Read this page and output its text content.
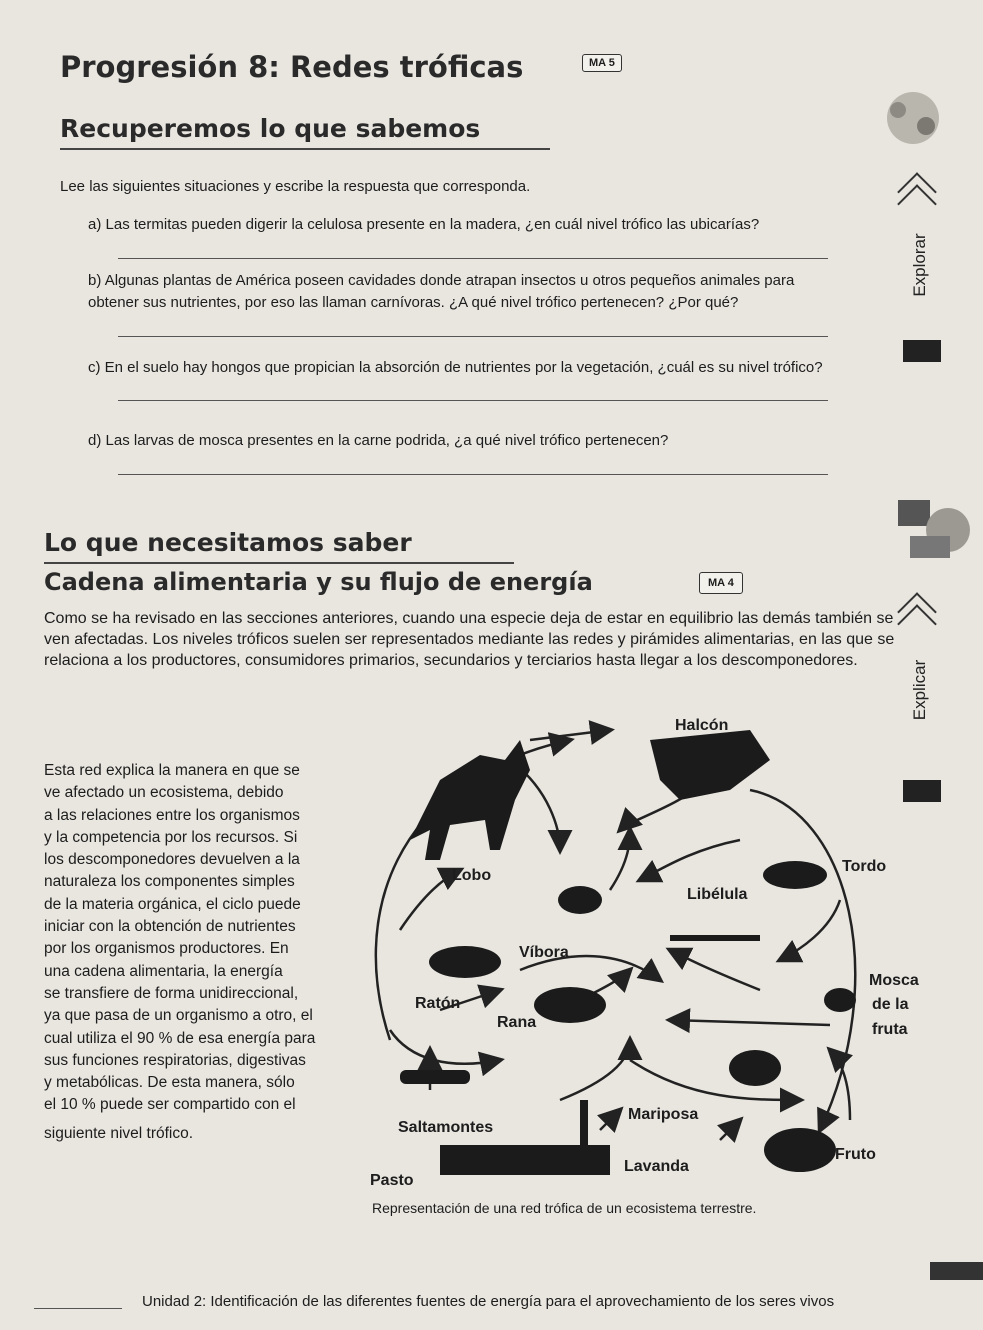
Progresión 8: Redes tróficas	MA 5
Recuperemos lo que sabemos
Lee las siguientes situaciones y escribe la respuesta que corresponda.
a) Las termitas pueden digerir la celulosa presente en la madera, ¿en cuál nivel trófico las ubicarías?
b) Algunas plantas de América poseen cavidades donde atrapan insectos u otros pequeños animales para obtener sus nutrientes, por eso las llaman carnívoras. ¿A qué nivel trófico pertenecen? ¿Por qué?
c) En el suelo hay hongos que propician la absorción de nutrientes por la vegetación, ¿cuál es su nivel trófico?
d) Las larvas de mosca presentes en la carne podrida, ¿a qué nivel trófico pertenecen?
Explorar
Lo que necesitamos saber
Cadena alimentaria y su flujo de energía	MA 4
Como se ha revisado en las secciones anteriores, cuando una especie deja de estar en equilibrio las demás también se ven afectadas. Los niveles tróficos suelen ser representados mediante las redes y pirámides alimentarias, en las que se relaciona a los productores, consumidores primarios, secundarios y terciarios hasta llegar a los descomponedores.	Explicar
Esta red explica la manera en que se
ve afectado un ecosistema, debido
a las relaciones entre los organismos
y la competencia por los recursos. Si
los descomponedores devuelven a la
naturaleza los componentes simples
de la materia orgánica, el ciclo puede
iniciar con la obtención de nutrientes
por los organismos productores. En
una cadena alimentaria, la energía
se transfiere de forma unidireccional,
ya que pasa de un organismo a otro, el
cual utiliza el 90 % de esa energía para
sus funciones respiratorias, digestivas
y metabólicas. De esta manera, sólo
el 10 % puede ser compartido con el
siguiente nivel trófico.
Halcón
Lobo
Tordo
Libélula
Víbora
Mosca
de la
fruta
Ratón
Rana
Mariposa
Saltamontes
Fruto
Lavanda
Pasto
Representación de una red trófica de un ecosistema terrestre.
Unidad 2: Identificación de las diferentes fuentes de energía para el aprovechamiento de los seres vivos
